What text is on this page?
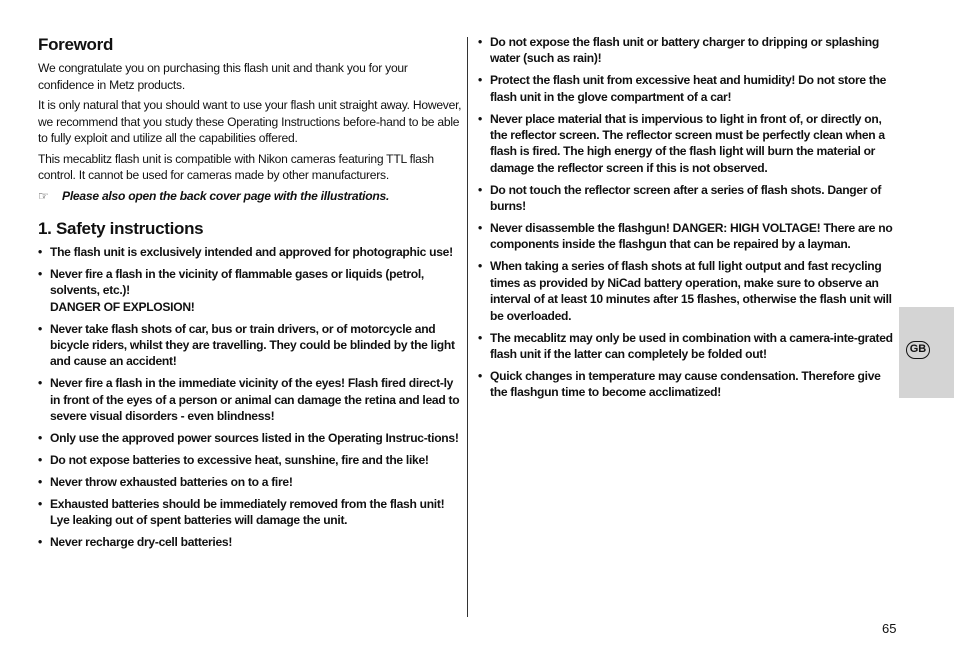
Foreword

We congratulate you on purchasing this flash unit and thank you for your confidence in Metz products.

It is only natural that you should want to use your flash unit straight away. However, we recommend that you study these Operating Instructions before-hand to be able to fully exploit and utilize all the capabilities offered.

This mecablitz flash unit is compatible with Nikon cameras featuring TTL flash control. It cannot be used for cameras made by other manufacturers.

☞ Please also open the back cover page with the illustrations.

1. Safety instructions
• The flash unit is exclusively intended and approved for photographic use!
• Never fire a flash in the vicinity of flammable gases or liquids (petrol, solvents, etc.)!
DANGER OF EXPLOSION!
• Never take flash shots of car, bus or train drivers, or of motorcycle and bicycle riders, whilst they are travelling. They could be blinded by the light and cause an accident!
• Never fire a flash in the immediate vicinity of the eyes! Flash fired direct-ly in front of the eyes of a person or animal can damage the retina and lead to severe visual disorders - even blindness!
• Only use the approved power sources listed in the Operating Instruc-tions!
• Do not expose batteries to excessive heat, sunshine, fire and the like!
• Never throw exhausted batteries on to a fire!
• Exhausted batteries should be immediately removed from the flash unit! Lye leaking out of spent batteries will damage the unit.
• Never recharge dry-cell batteries!
• Do not expose the flash unit or battery charger to dripping or splashing water (such as rain)!
• Protect the flash unit from excessive heat and humidity! Do not store the flash unit in the glove compartment of a car!
• Never place material that is impervious to light in front of, or directly on, the reflector screen. The reflector screen must be perfectly clean when a flash is fired. The high energy of the flash light will burn the material or damage the reflector screen if this is not observed.
• Do not touch the reflector screen after a series of flash shots. Danger of burns!
• Never disassemble the flashgun! DANGER: HIGH VOLTAGE! There are no components inside the flashgun that can be repaired by a layman.
• When taking a series of flash shots at full light output and fast recycling times as provided by NiCad battery operation, make sure to observe an interval of at least 10 minutes after 15 flashes, otherwise the flash unit will be overloaded.
• The mecablitz may only be used in combination with a camera-inte-grated flash unit if the latter can completely be folded out!
• Quick changes in temperature may cause condensation. Therefore give the flashgun time to become acclimatized!
GB
65
